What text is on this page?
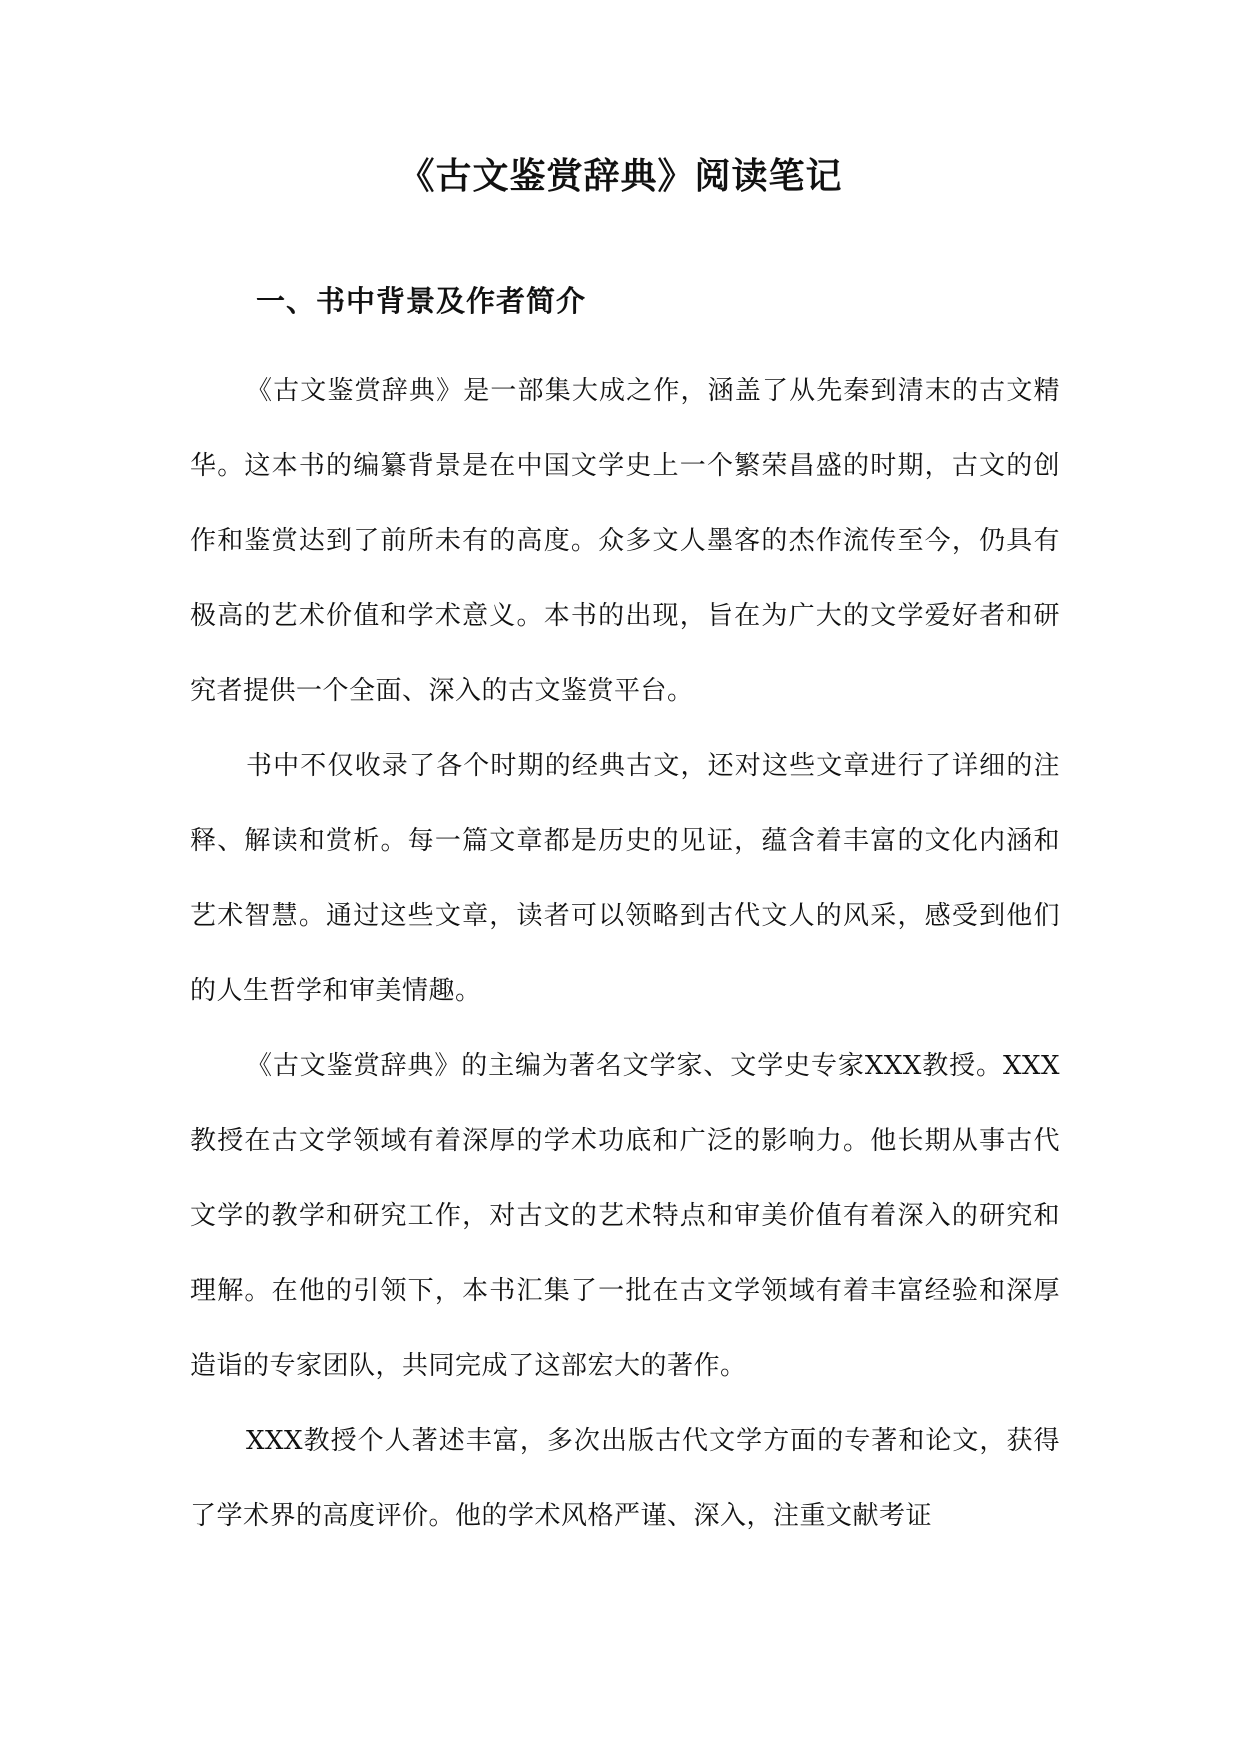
《古文鉴赏辞典》阅读笔记
一、书中背景及作者简介

《古文鉴赏辞典》是一部集大成之作，涵盖了从先秦到清末的古文精华。这本书的编纂背景是在中国文学史上一个繁荣昌盛的时期，古文的创作和鉴赏达到了前所未有的高度。众多文人墨客的杰作流传至今，仍具有极高的艺术价值和学术意义。本书的出现，旨在为广大的文学爱好者和研究者提供一个全面、深入的古文鉴赏平台。

书中不仅收录了各个时期的经典古文，还对这些文章进行了详细的注释、解读和赏析。每一篇文章都是历史的见证，蕴含着丰富的文化内涵和艺术智慧。通过这些文章，读者可以领略到古代文人的风采，感受到他们的人生哲学和审美情趣。

《古文鉴赏辞典》的主编为著名文学家、文学史专家XXX教授。XXX教授在古文学领域有着深厚的学术功底和广泛的影响力。他长期从事古代文学的教学和研究工作，对古文的艺术特点和审美价值有着深入的研究和理解。在他的引领下，本书汇集了一批在古文学领域有着丰富经验和深厚造诣的专家团队，共同完成了这部宏大的著作。

XXX教授个人著述丰富，多次出版古代文学方面的专著和论文，获得了学术界的高度评价。他的学术风格严谨、深入，注重文献考证
